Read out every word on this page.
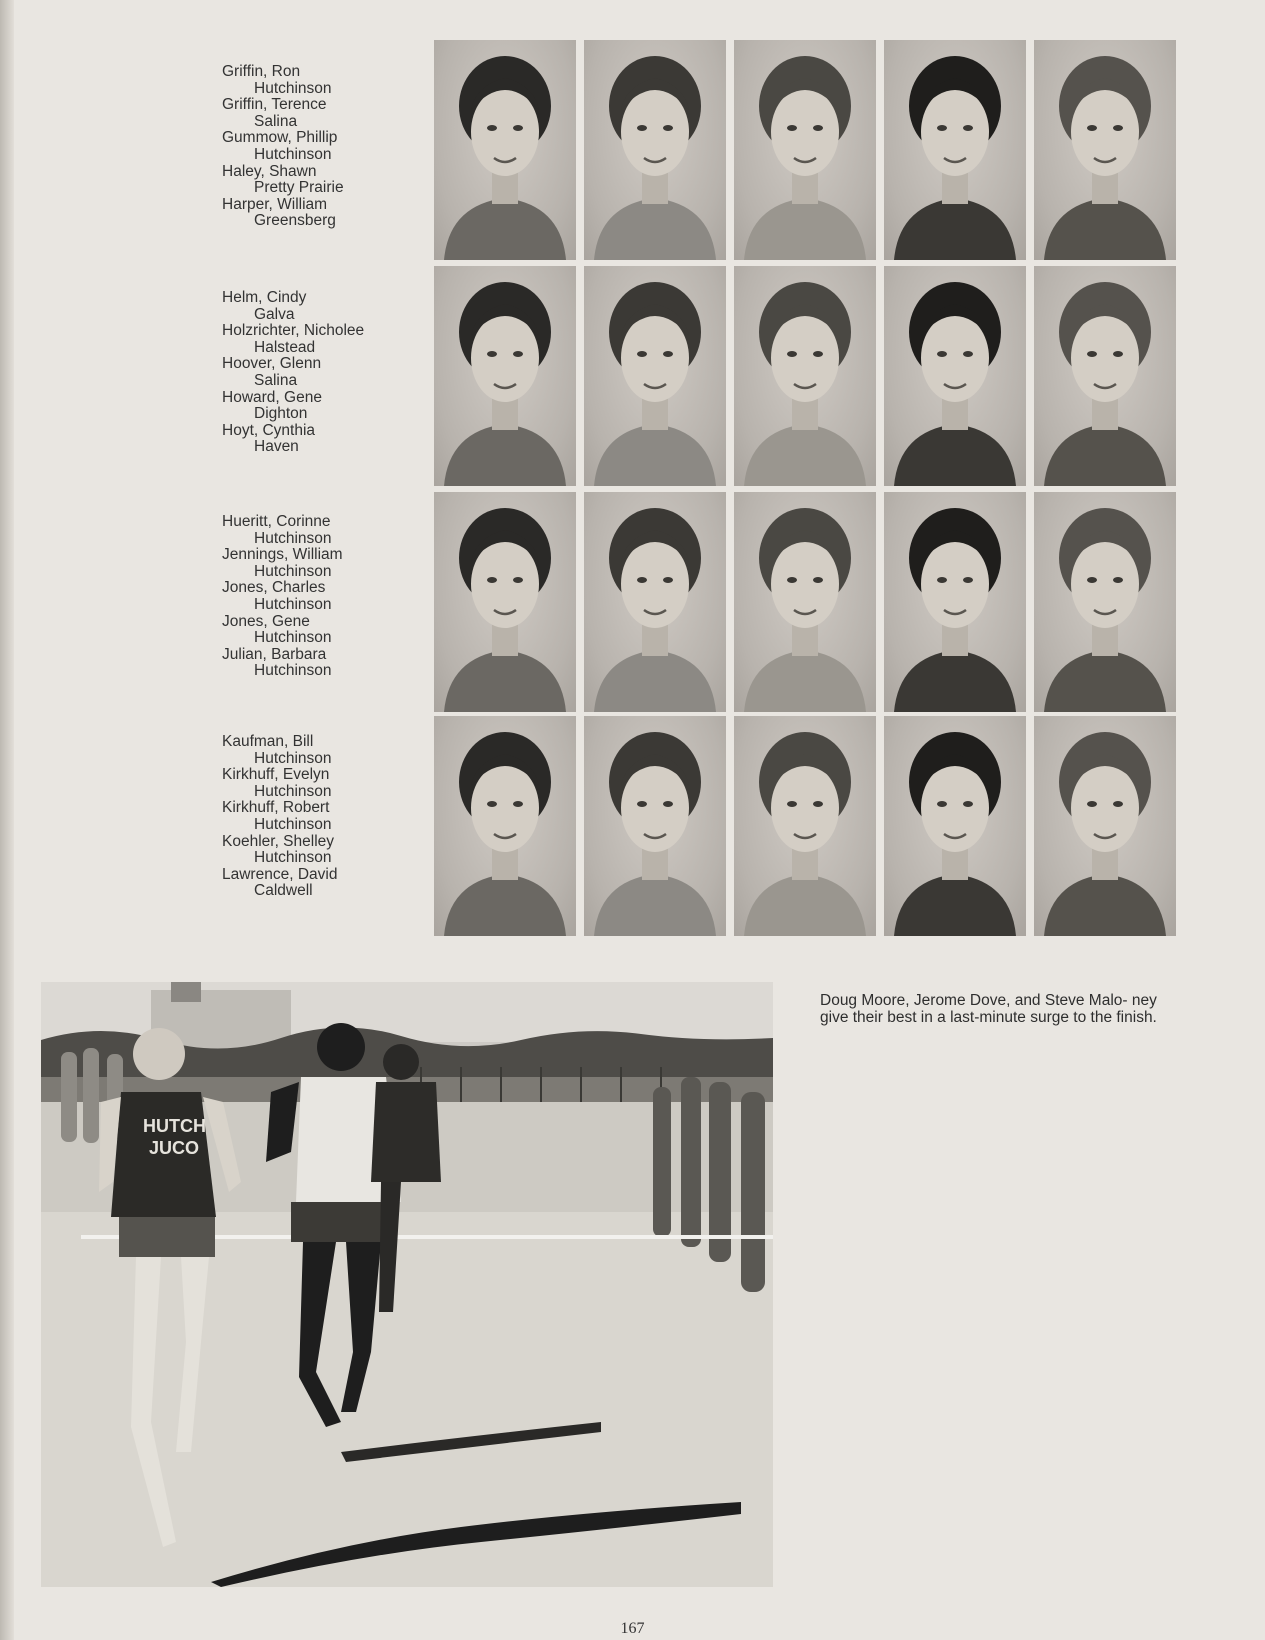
Griffin, Ron
Hutchinson
Griffin, Terence
Salina
Gummow, Phillip
Hutchinson
Haley, Shawn
Pretty Prairie
Harper, William
Greensberg
Helm, Cindy
Galva
Holzrichter, Nicholee
Halstead
Hoover, Glenn
Salina
Howard, Gene
Dighton
Hoyt, Cynthia
Haven
Hueritt, Corinne
Hutchinson
Jennings, William
Hutchinson
Jones, Charles
Hutchinson
Jones, Gene
Hutchinson
Julian, Barbara
Hutchinson
Kaufman, Bill
Hutchinson
Kirkhuff, Evelyn
Hutchinson
Kirkhuff, Robert
Hutchinson
Koehler, Shelley
Hutchinson
Lawrence, David
Caldwell
HUTCH
JUCO
Doug Moore, Jerome Dove, and Steve Malo- ney give their best in a last-minute surge to the finish.
167
